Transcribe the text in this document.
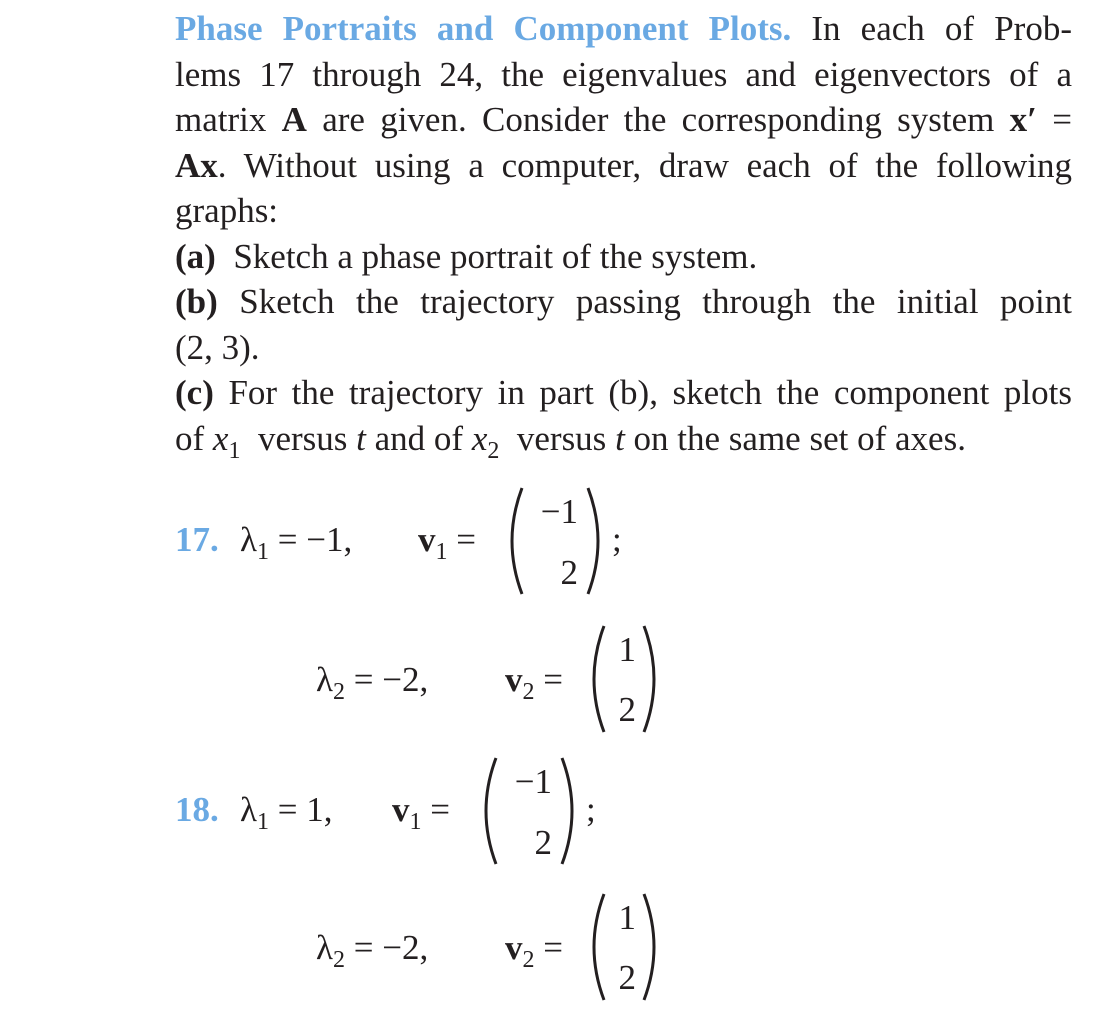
Phase Portraits and Component Plots. In each of Prob-
lems 17 through 24, the eigenvalues and eigenvectors of a
matrix A are given. Consider the corresponding system x′ =
Ax. Without using a computer, draw each of the following
graphs:
(a) Sketch a phase portrait of the system.
(b) Sketch the trajectory passing through the initial point
(2, 3).
(c) For the trajectory in part (b), sketch the component plots
of $x_1$ versus t and of $x_2$ versus t on the same set of axes.
17. $\lambda_1 = -1$, $v_1$ =
−1
2
;
$\lambda_2 = -2$, $v_2$ =
1
2
18. $\lambda_1 = 1$, $v_1$ =
−1
2
;
$\lambda_2 = -2$, $v_2$ =
1
2
